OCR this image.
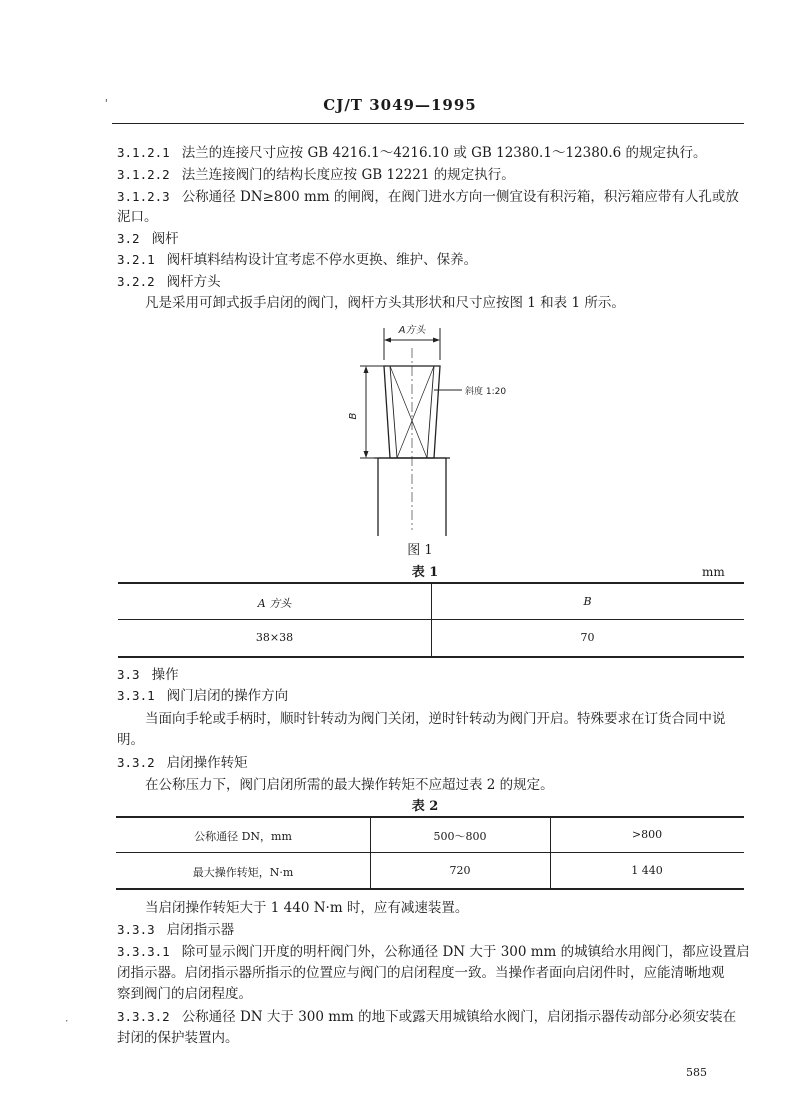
'
·
CJ/T 3049—1995
3.1.2.1 法兰的连接尺寸应按 GB 4216.1～4216.10 或 GB 12380.1～12380.6 的规定执行。
3.1.2.2 法兰连接阀门的结构长度应按 GB 12221 的规定执行。
3.1.2.3 公称通径 DN≥800 mm 的闸阀，在阀门进水方向一侧宜设有积污箱，积污箱应带有人孔或放
泥口。
3.2 阀杆
3.2.1 阀杆填料结构设计宜考虑不停水更换、维护、保养。
3.2.2 阀杆方头
凡是采用可卸式扳手启闭的阀门，阀杆方头其形状和尺寸应按图 1 和表 1 所示。
A方头
B
斜度 1:20
图 1
表 1	mm
A 方头	B
38×38	70
3.3 操作
3.3.1 阀门启闭的操作方向
当面向手轮或手柄时，顺时针转动为阀门关闭，逆时针转动为阀门开启。特殊要求在订货合同中说
明。
3.3.2 启闭操作转矩
在公称压力下，阀门启闭所需的最大操作转矩不应超过表 2 的规定。
表 2
公称通径 DN，mm	500～800	>800
最大操作转矩，N·m	720	1 440
当启闭操作转矩大于 1 440 N·m 时，应有减速装置。
3.3.3 启闭指示器
3.3.3.1 除可显示阀门开度的明杆阀门外，公称通径 DN 大于 300 mm 的城镇给水用阀门，都应设置启
闭指示器。启闭指示器所指示的位置应与阀门的启闭程度一致。当操作者面向启闭件时，应能清晰地观
察到阀门的启闭程度。
3.3.3.2 公称通径 DN 大于 300 mm 的地下或露天用城镇给水阀门，启闭指示器传动部分必须安装在
封闭的保护装置内。
585
